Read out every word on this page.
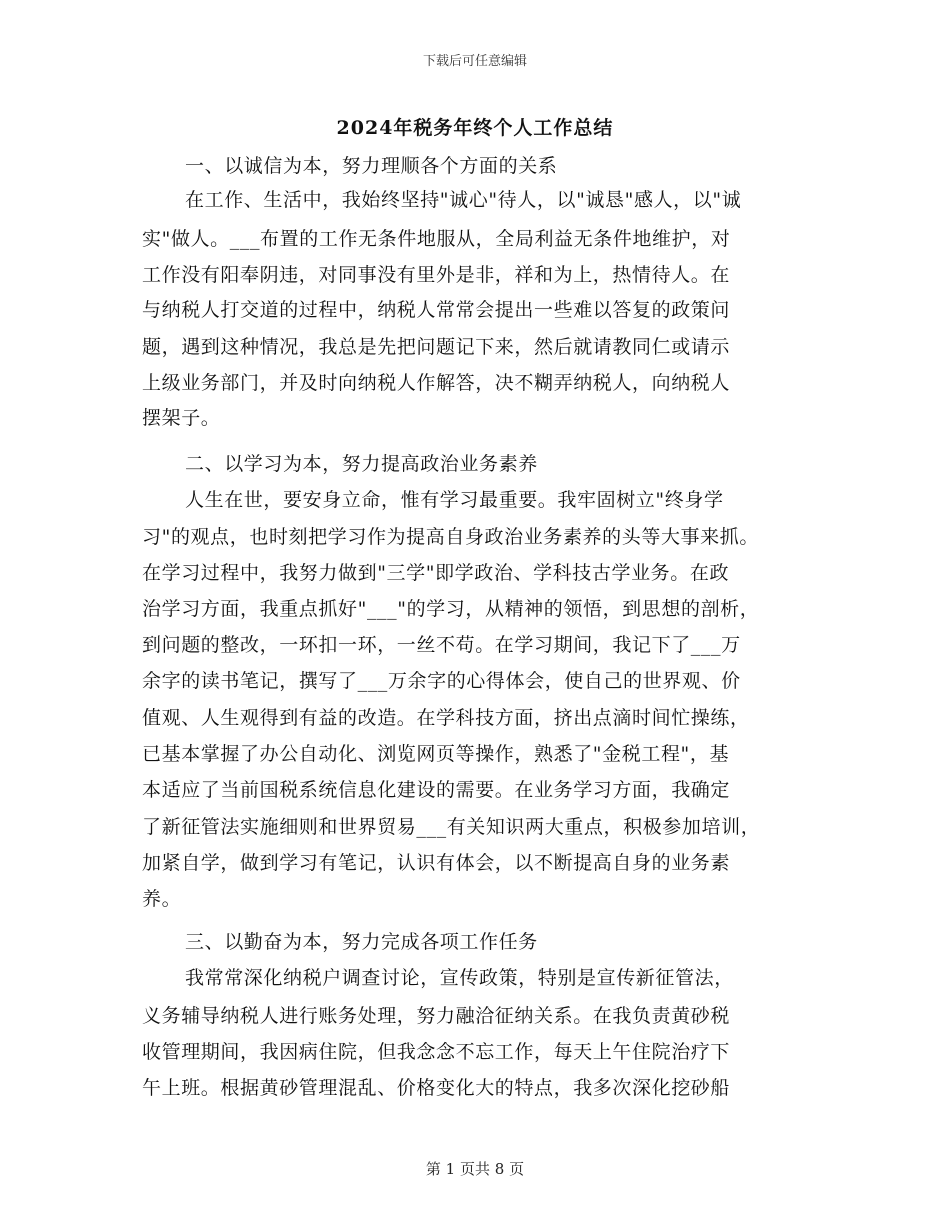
下载后可任意编辑
2024年税务年终个人工作总结
一、以诚信为本，努力理顺各个方面的关系
在工作、生活中，我始终坚持"诚心"待人，以"诚恳"感人，以"诚
实"做人。___布置的工作无条件地服从，全局利益无条件地维护，对
工作没有阳奉阴违，对同事没有里外是非，祥和为上，热情待人。在
与纳税人打交道的过程中，纳税人常常会提出一些难以答复的政策问
题，遇到这种情况，我总是先把问题记下来，然后就请教同仁或请示
上级业务部门，并及时向纳税人作解答，决不糊弄纳税人，向纳税人
摆架子。
二、以学习为本，努力提高政治业务素养
人生在世，要安身立命，惟有学习最重要。我牢固树立"终身学
习"的观点，也时刻把学习作为提高自身政治业务素养的头等大事来抓。
在学习过程中，我努力做到"三学"即学政治、学科技古学业务。在政
治学习方面，我重点抓好"___"的学习，从精神的领悟，到思想的剖析，
到问题的整改，一环扣一环，一丝不苟。在学习期间，我记下了___万
余字的读书笔记，撰写了___万余字的心得体会，使自己的世界观、价
值观、人生观得到有益的改造。在学科技方面，挤出点滴时间忙操练，
已基本掌握了办公自动化、浏览网页等操作，熟悉了"金税工程"，基
本适应了当前国税系统信息化建设的需要。在业务学习方面，我确定
了新征管法实施细则和世界贸易___有关知识两大重点，积极参加培训，
加紧自学，做到学习有笔记，认识有体会，以不断提高自身的业务素
养。
三、以勤奋为本，努力完成各项工作任务
我常常深化纳税户调查讨论，宣传政策，特别是宣传新征管法，
义务辅导纳税人进行账务处理，努力融洽征纳关系。在我负责黄砂税
收管理期间，我因病住院，但我念念不忘工作，每天上午住院治疗下
午上班。根据黄砂管理混乱、价格变化大的特点，我多次深化挖砂船
第 1 页共 8 页
